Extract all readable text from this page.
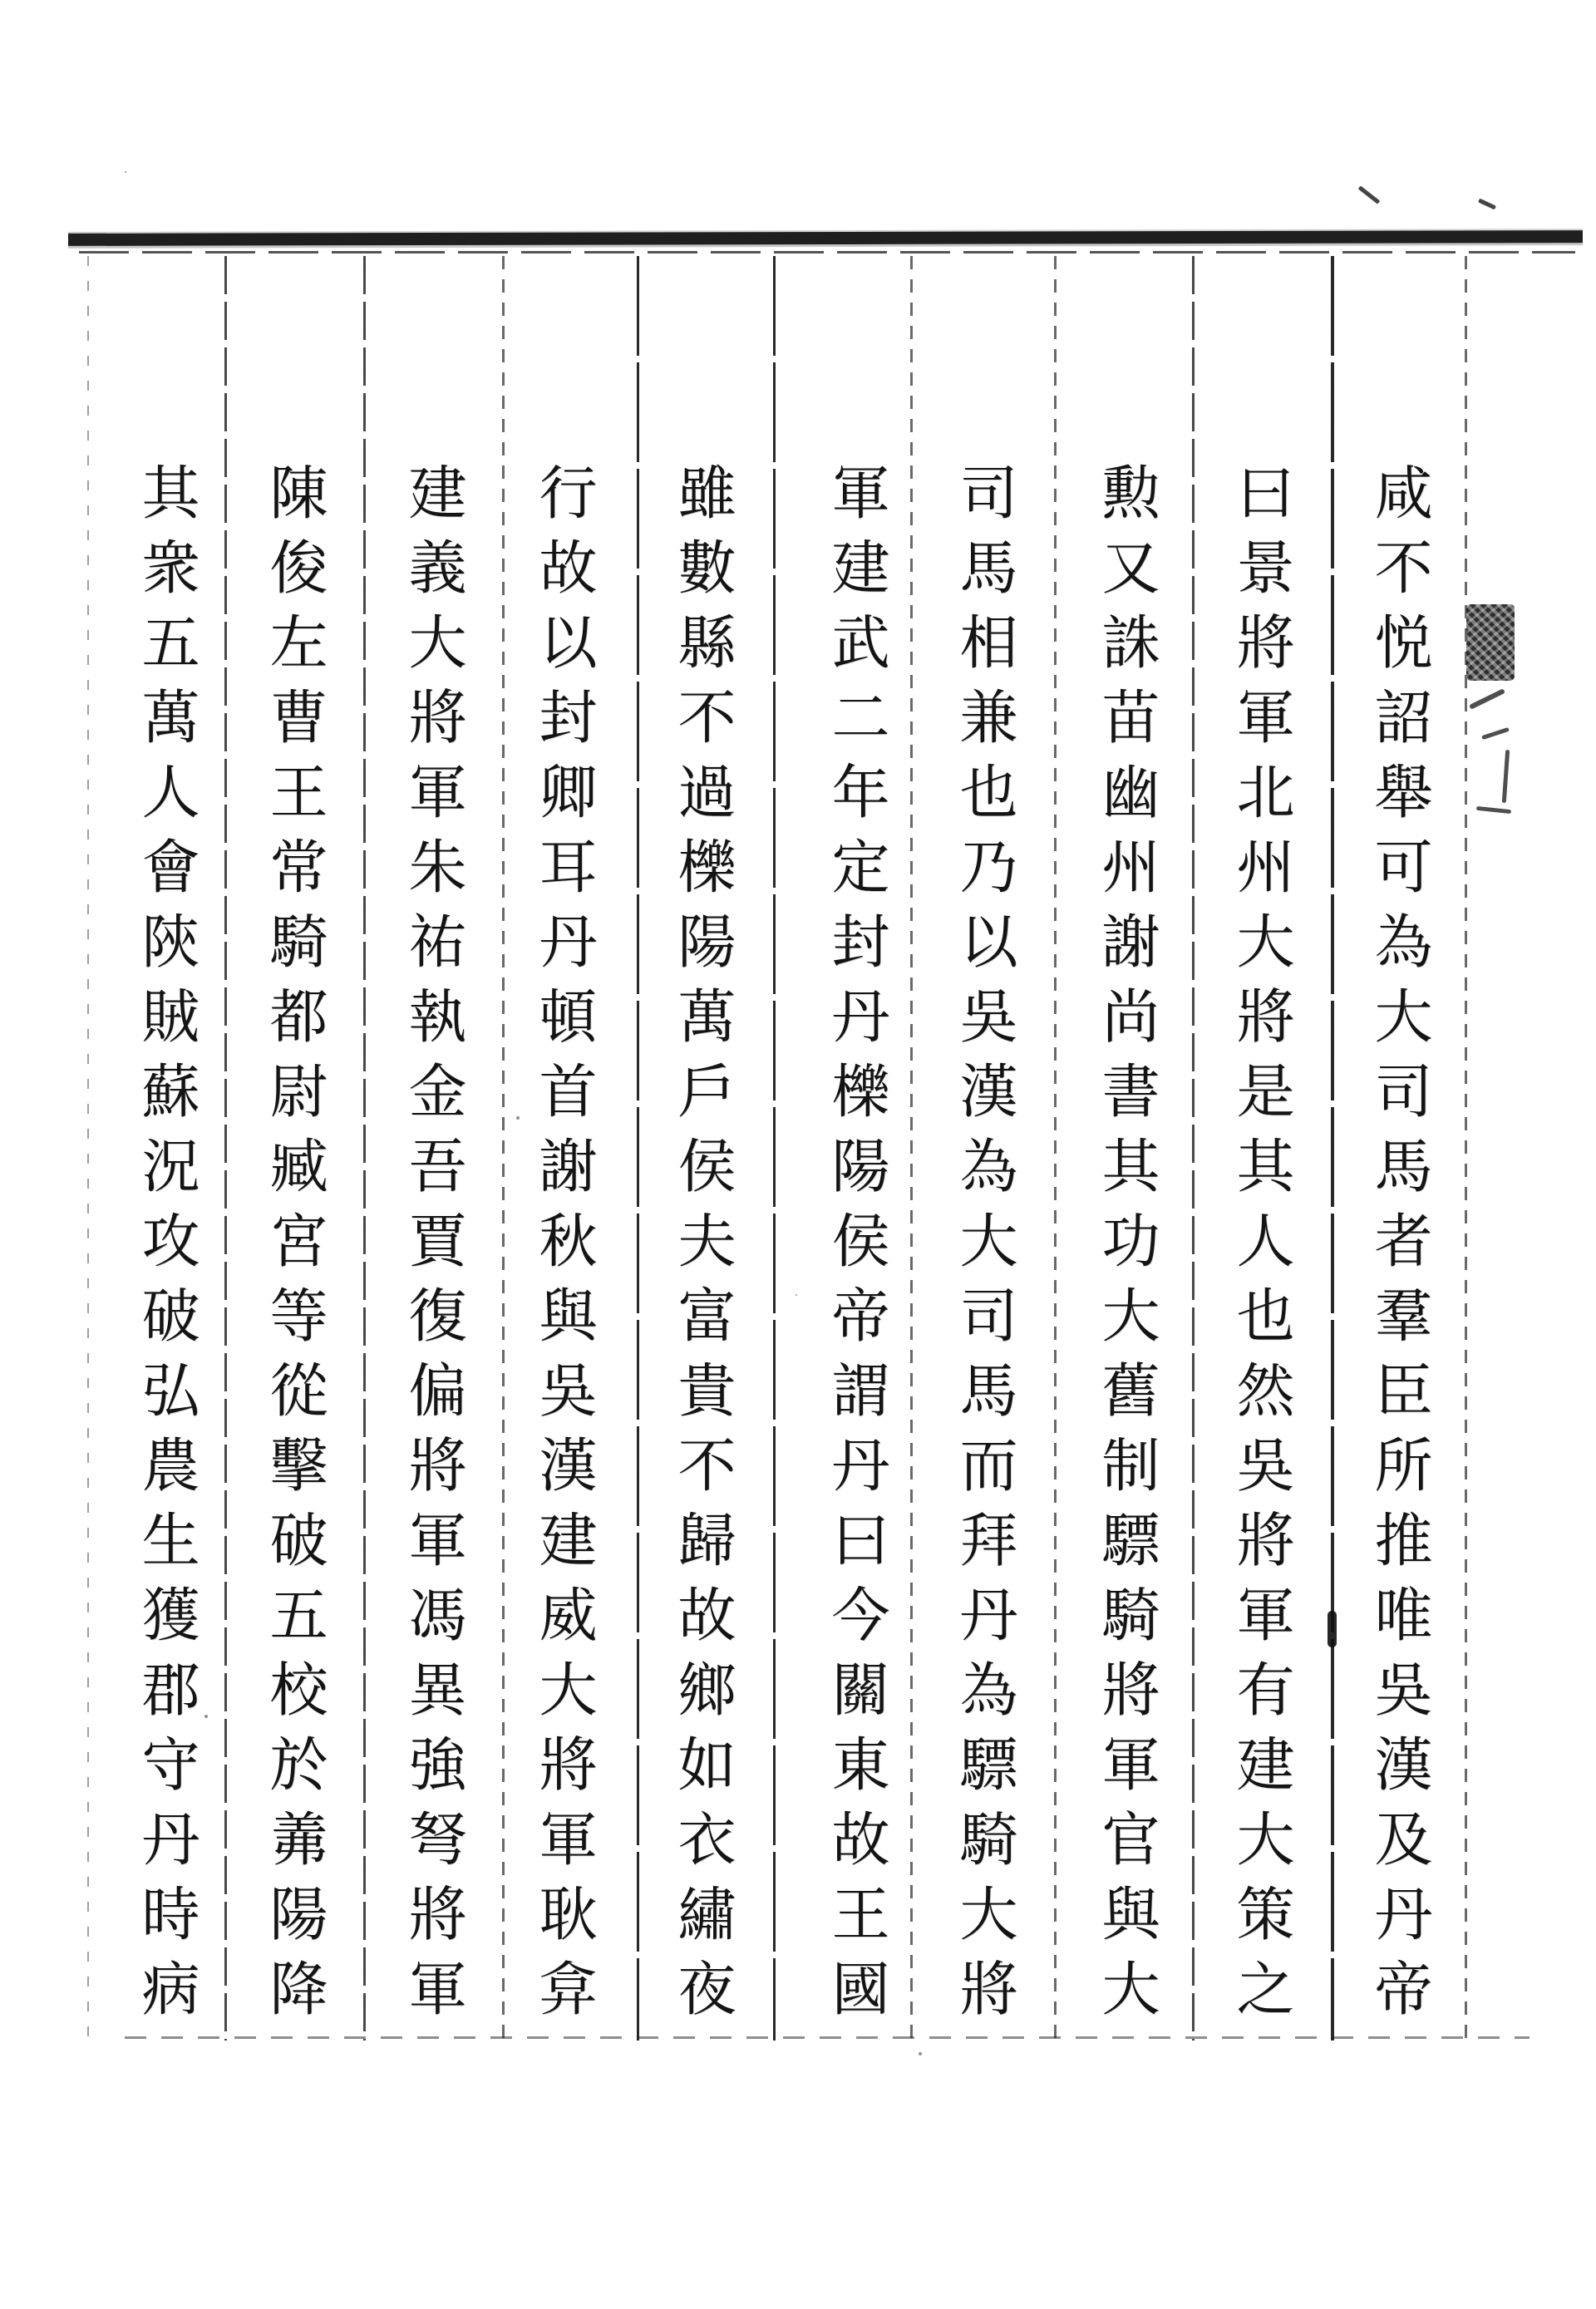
咸不悦詔舉可為大司馬者羣臣所推唯吳漢及丹帝
曰景將軍北州大將是其人也然吳將軍有建大策之
勲又誅苗幽州謝尚書其功大舊制驃騎將軍官與大
司馬相兼也乃以吳漢為大司馬而拜丹為驃騎大將
軍建武二年定封丹櫟陽侯帝謂丹曰今關東故王國
雖數縣不過櫟陽萬戶侯夫富貴不歸故鄉如衣繡夜
行故以封卿耳丹頓首謝秋與吳漢建威大將軍耿弇
建義大將軍朱祐執金吾賈復偏將軍馮異強弩將軍
陳俊左曹王常騎都尉臧宮等從擊破五校於羛陽降
其衆五萬人會陝賊蘇況攻破弘農生獲郡守丹時病
